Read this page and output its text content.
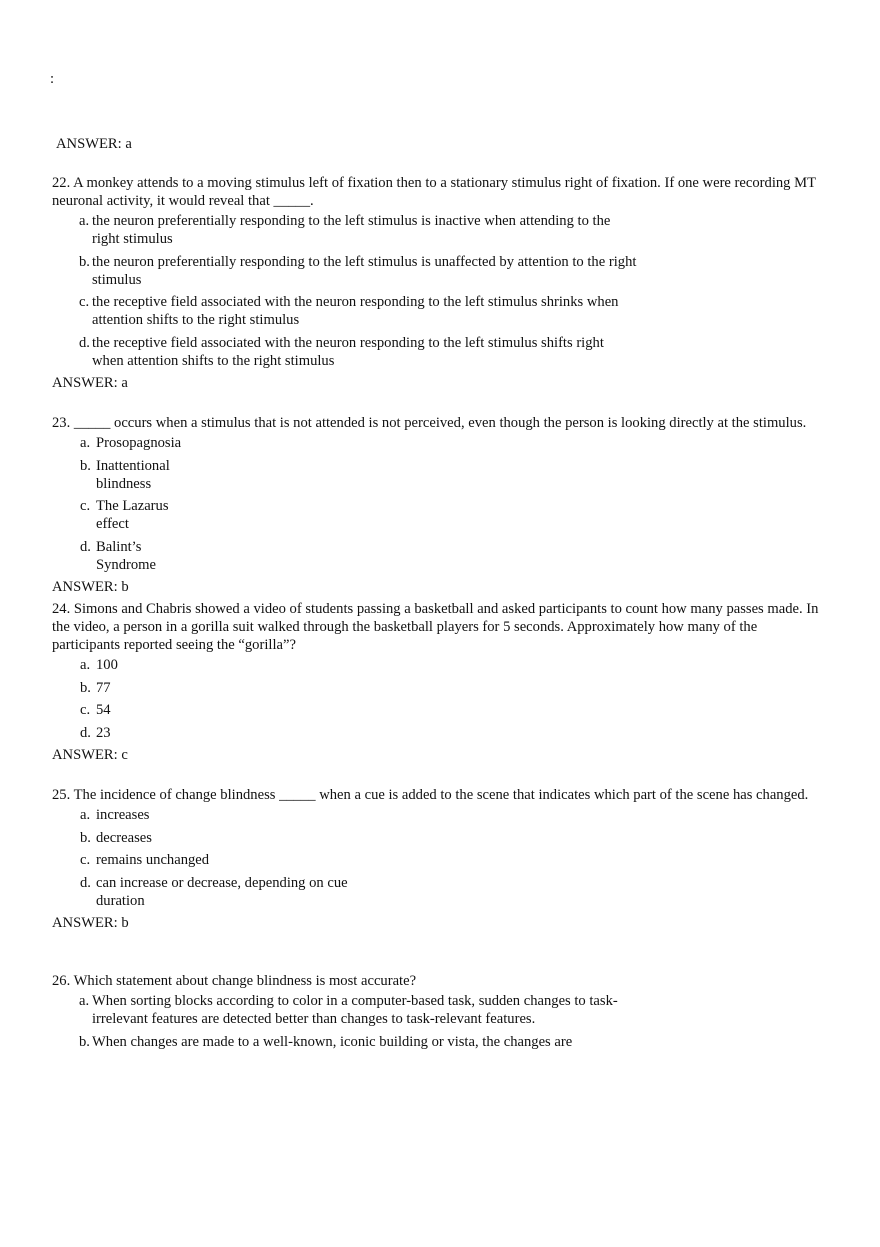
:
ANSWER: a

22. A monkey attends to a moving stimulus left of fixation then to a stationary stimulus right of fixation. If one were recording MT neuronal activity, it would reveal that _____.

a. the neuron preferentially responding to the left stimulus is inactive when attending to the right stimulus
b. the neuron preferentially responding to the left stimulus is unaffected by attention to the right stimulus
c. the receptive field associated with the neuron responding to the left stimulus shrinks when attention shifts to the right stimulus
d. the receptive field associated with the neuron responding to the left stimulus shifts right when attention shifts to the right stimulus
ANSWER: a

23. _____ occurs when a stimulus that is not attended is not perceived, even though the person is looking directly at the stimulus.

a. Prosopagnosia
b. Inattentional blindness
c. The Lazarus effect
d. Balint’s Syndrome
ANSWER: b

24. Simons and Chabris showed a video of students passing a basketball and asked participants to count how many passes made. In the video, a person in a gorilla suit walked through the basketball players for 5 seconds. Approximately how many of the participants reported seeing the “gorilla”?

a. 100
b. 77
c. 54
d. 23
ANSWER: c

25. The incidence of change blindness _____ when a cue is added to the scene that indicates which part of the scene has changed.

a. increases
b. decreases
c. remains unchanged
d. can increase or decrease, depending on cue duration
ANSWER: b

26. Which statement about change blindness is most accurate?

a. When sorting blocks according to color in a computer-based task, sudden changes to task-irrelevant features are detected better than changes to task-relevant features.
b. When changes are made to a well-known, iconic building or vista, the changes are
